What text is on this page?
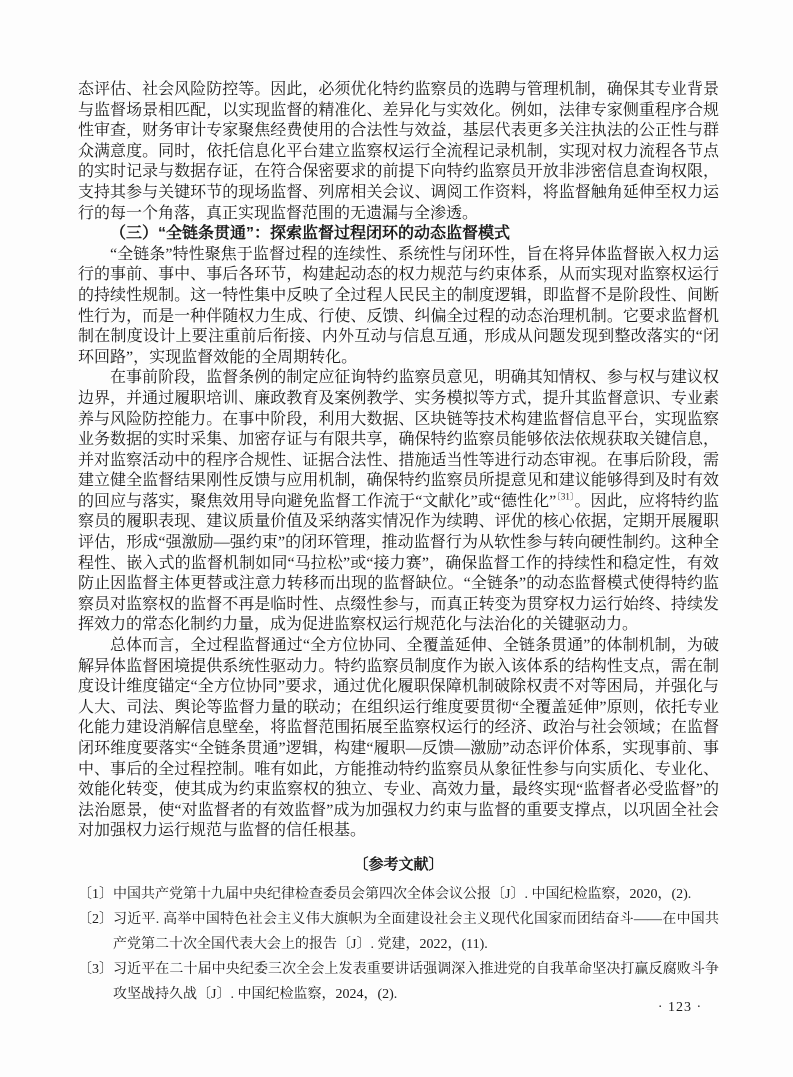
态评估、社会风险防控等。因此，必须优化特约监察员的选聘与管理机制，确保其专业背景与监督场景相匹配，以实现监督的精准化、差异化与实效化。例如，法律专家侧重程序合规性审查，财务审计专家聚焦经费使用的合法性与效益，基层代表更多关注执法的公正性与群众满意度。同时，依托信息化平台建立监察权运行全流程记录机制，实现对权力流程各节点的实时记录与数据存证，在符合保密要求的前提下向特约监察员开放非涉密信息查询权限，支持其参与关键环节的现场监督、列席相关会议、调阅工作资料，将监督触角延伸至权力运行的每一个角落，真正实现监督范围的无遗漏与全渗透。

（三）“全链条贯通”：探索监督过程闭环的动态监督模式

“全链条”特性聚焦于监督过程的连续性、系统性与闭环性，旨在将异体监督嵌入权力运行的事前、事中、事后各环节，构建起动态的权力规范与约束体系，从而实现对监察权运行的持续性规制。这一特性集中反映了全过程人民民主的制度逻辑，即监督不是阶段性、间断性行为，而是一种伴随权力生成、行使、反馈、纠偏全过程的动态治理机制。它要求监督机制在制度设计上要注重前后衔接、内外互动与信息互通，形成从问题发现到整改落实的“闭环回路”，实现监督效能的全周期转化。

在事前阶段，监督条例的制定应征询特约监察员意见，明确其知情权、参与权与建议权边界，并通过履职培训、廉政教育及案例教学、实务模拟等方式，提升其监督意识、专业素养与风险防控能力。在事中阶段，利用大数据、区块链等技术构建监督信息平台，实现监察业务数据的实时采集、加密存证与有限共享，确保特约监察员能够依法依规获取关键信息，并对监察活动中的程序合规性、证据合法性、措施适当性等进行动态审视。在事后阶段，需建立健全监督结果刚性反馈与应用机制，确保特约监察员所提意见和建议能够得到及时有效的回应与落实，聚焦效用导向避免监督工作流于“文献化”或“德性化”$^{〔31〕}$。因此，应将特约监察员的履职表现、建议质量价值及采纳落实情况作为续聘、评优的核心依据，定期开展履职评估，形成“强激励—强约束”的闭环管理，推动监督行为从软性参与转向硬性制约。这种全程性、嵌入式的监督机制如同“马拉松”或“接力赛”，确保监督工作的持续性和稳定性，有效防止因监督主体更替或注意力转移而出现的监督缺位。“全链条”的动态监督模式使得特约监察员对监察权的监督不再是临时性、点缀性参与，而真正转变为贯穿权力运行始终、持续发挥效力的常态化制约力量，成为促进监察权运行规范化与法治化的关键驱动力。

总体而言，全过程监督通过“全方位协同、全覆盖延伸、全链条贯通”的体制机制，为破解异体监督困境提供系统性驱动力。特约监察员制度作为嵌入该体系的结构性支点，需在制度设计维度锚定“全方位协同”要求，通过优化履职保障机制破除权责不对等困局，并强化与人大、司法、舆论等监督力量的联动；在组织运行维度要贯彻“全覆盖延伸”原则，依托专业化能力建设消解信息壁垒，将监督范围拓展至监察权运行的经济、政治与社会领域；在监督闭环维度要落实“全链条贯通”逻辑，构建“履职—反馈—激励”动态评价体系，实现事前、事中、事后的全过程控制。唯有如此，方能推动特约监察员从象征性参与向实质化、专业化、效能化转变，使其成为约束监察权的独立、专业、高效力量，最终实现“监督者必受监督”的法治愿景，使“对监督者的有效监督”成为加强权力约束与监督的重要支撑点，以巩固全社会对加强权力运行规范与监督的信任根基。

〔参考文献〕
〔1〕 中国共产党第十九届中央纪律检查委员会第四次全体会议公报〔J〕. 中国纪检监察，2020，(2).
〔2〕 习近平. 高举中国特色社会主义伟大旗帜为全面建设社会主义现代化国家而团结奋斗——在中国共产党第二十次全国代表大会上的报告〔J〕. 党建，2022，(11).
〔3〕 习近平在二十届中央纪委三次全会上发表重要讲话强调深入推进党的自我革命坚决打赢反腐败斗争攻坚战持久战〔J〕. 中国纪检监察，2024，(2).
· 123 ·
